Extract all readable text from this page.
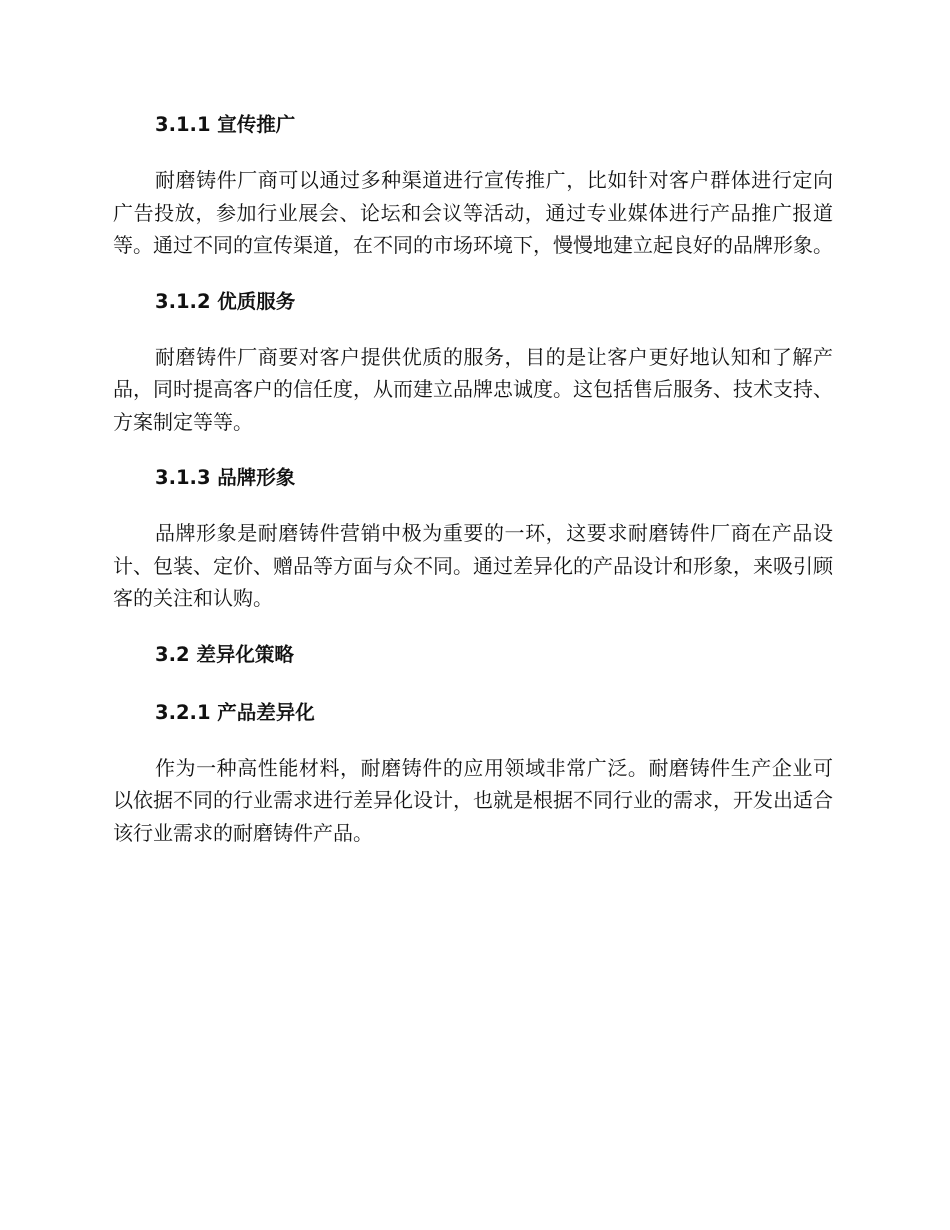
3.1.1 宣传推广

耐磨铸件厂商可以通过多种渠道进行宣传推广，比如针对客户群体进行定向广告投放，参加行业展会、论坛和会议等活动，通过专业媒体进行产品推广报道等。通过不同的宣传渠道，在不同的市场环境下，慢慢地建立起良好的品牌形象。

3.1.2 优质服务

耐磨铸件厂商要对客户提供优质的服务，目的是让客户更好地认知和了解产品，同时提高客户的信任度，从而建立品牌忠诚度。这包括售后服务、技术支持、方案制定等等。

3.1.3 品牌形象

品牌形象是耐磨铸件营销中极为重要的一环，这要求耐磨铸件厂商在产品设计、包装、定价、赠品等方面与众不同。通过差异化的产品设计和形象，来吸引顾客的关注和认购。

3.2 差异化策略
3.2.1 产品差异化

作为一种高性能材料，耐磨铸件的应用领域非常广泛。耐磨铸件生产企业可以依据不同的行业需求进行差异化设计，也就是根据不同行业的需求，开发出适合该行业需求的耐磨铸件产品。
